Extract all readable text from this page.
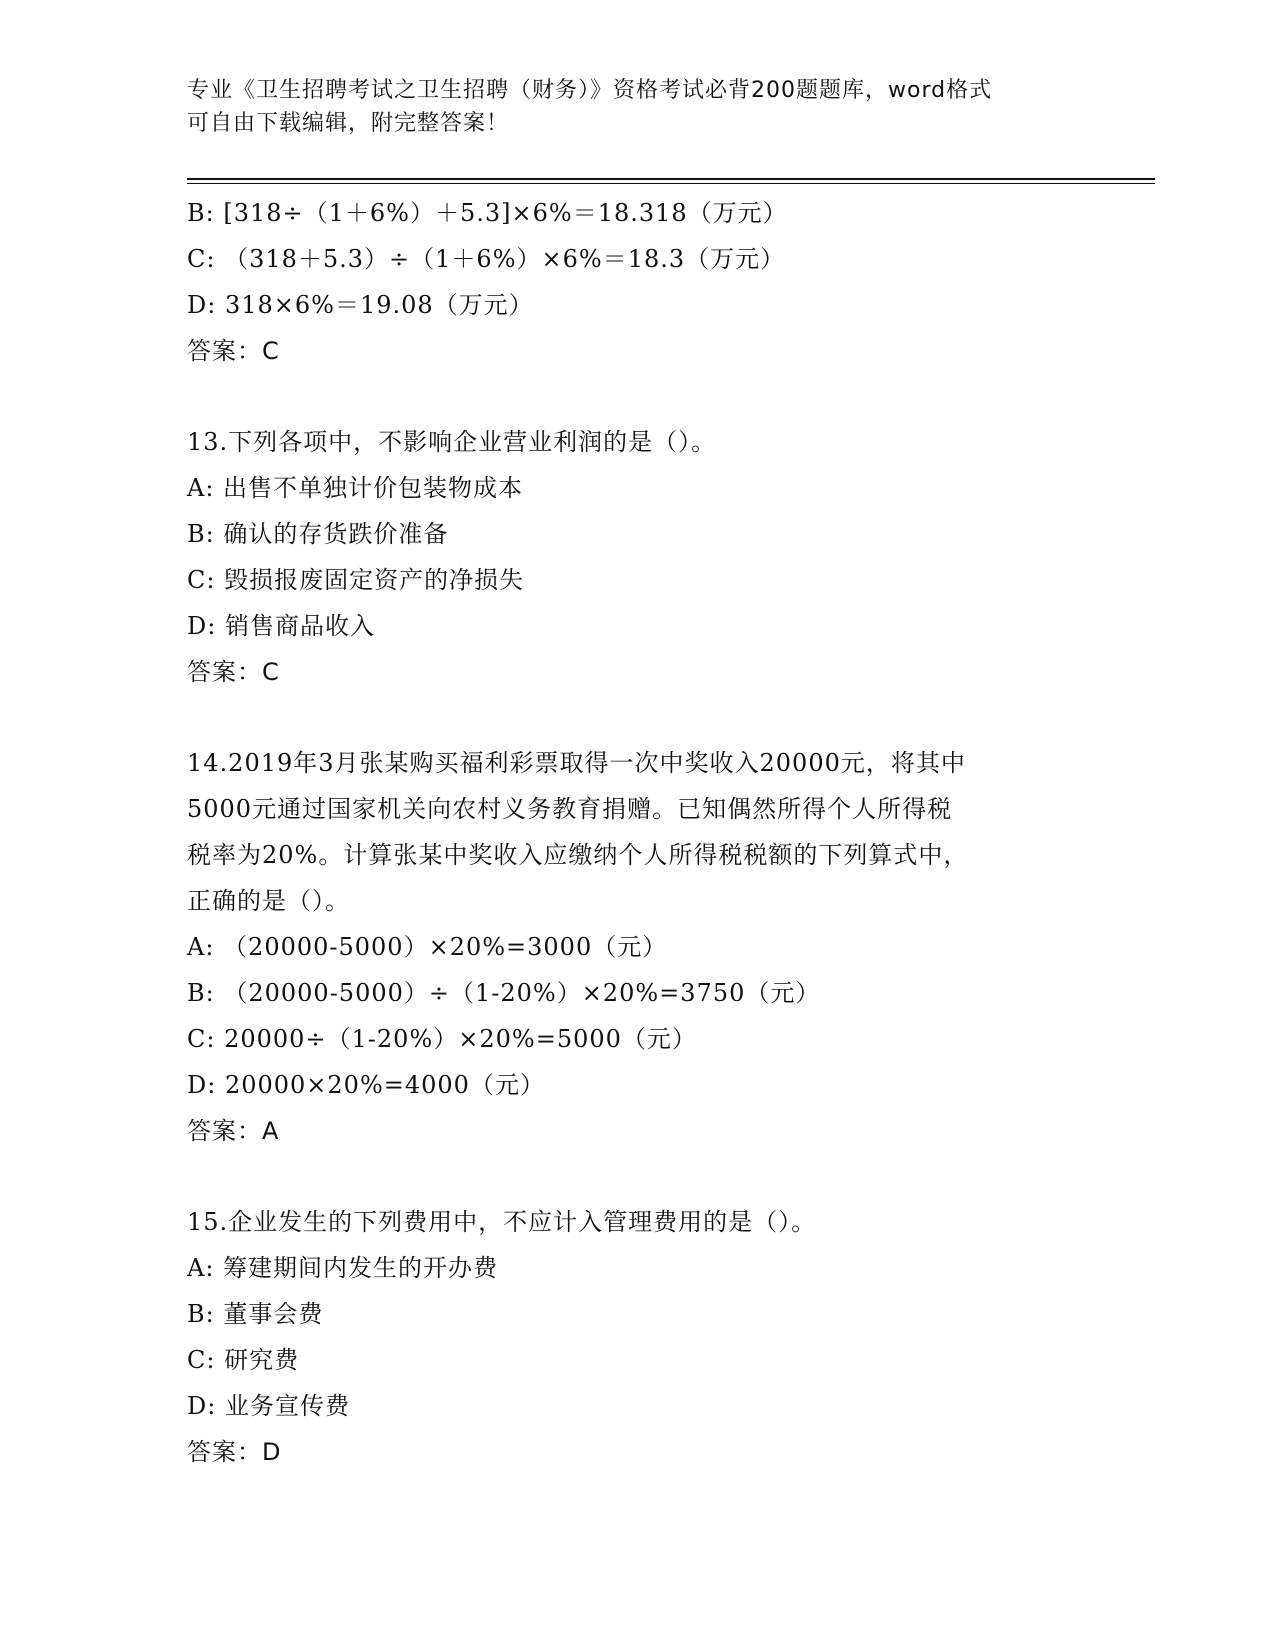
专业《卫生招聘考试之卫生招聘（财务）》资格考试必背200题题库，word格式
可自由下载编辑，附完整答案！
B: [318÷（1＋6%）＋5.3]×6%＝18.318（万元）
C: （318＋5.3）÷（1＋6%）×6%＝18.3（万元）
D: 318×6%＝19.08（万元）
答案：C
13.下列各项中，不影响企业营业利润的是（）。
A: 出售不单独计价包装物成本
B: 确认的存货跌价准备
C: 毁损报废固定资产的净损失
D: 销售商品收入
答案：C
14.2019年3月张某购买福利彩票取得一次中奖收入20000元，将其中
5000元通过国家机关向农村义务教育捐赠。已知偶然所得个人所得税
税率为20%。计算张某中奖收入应缴纳个人所得税税额的下列算式中，
正确的是（）。
A: （20000-5000）×20%=3000（元）
B: （20000-5000）÷（1-20%）×20%=3750（元）
C: 20000÷（1-20%）×20%=5000（元）
D: 20000×20%=4000（元）
答案：A
15.企业发生的下列费用中，不应计入管理费用的是（）。
A: 筹建期间内发生的开办费
B: 董事会费
C: 研究费
D: 业务宣传费
答案：D
